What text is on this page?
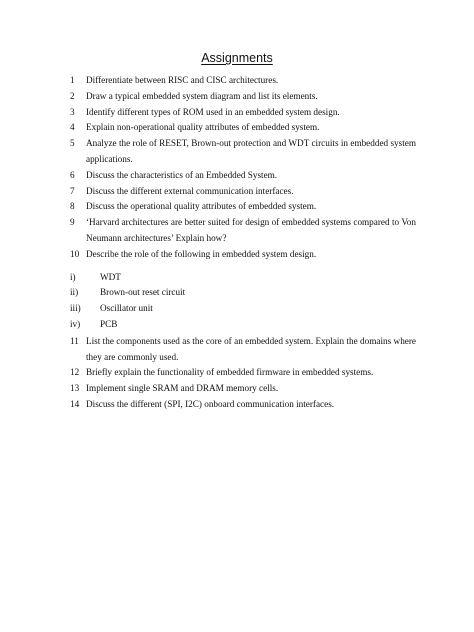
Assignments
1	Differentiate between RISC and CISC architectures.
2	Draw a typical embedded system diagram and list its elements.
3	Identify different types of ROM used in an embedded system design.
4	Explain non-operational quality attributes of embedded system.
5	Analyze the role of RESET, Brown-out protection and WDT circuits in embedded system applications.
6	Discuss the characteristics of an Embedded System.
7	Discuss the different external communication interfaces.
8	Discuss the operational quality attributes of embedded system.
9	‘Harvard architectures are better suited for design of embedded systems compared to Von Neumann architectures’ Explain how?
10 Describe the role of the following in embedded system design.
i)	WDT
ii)	Brown-out reset circuit
iii)	Oscillator unit
iv)	PCB
11 List the components used as the core of an embedded system. Explain the domains where they are commonly used.
12 Briefly explain the functionality of embedded firmware in embedded systems.
13 Implement single SRAM and DRAM memory cells.
14 Discuss the different (SPI, I2C) onboard communication interfaces.
